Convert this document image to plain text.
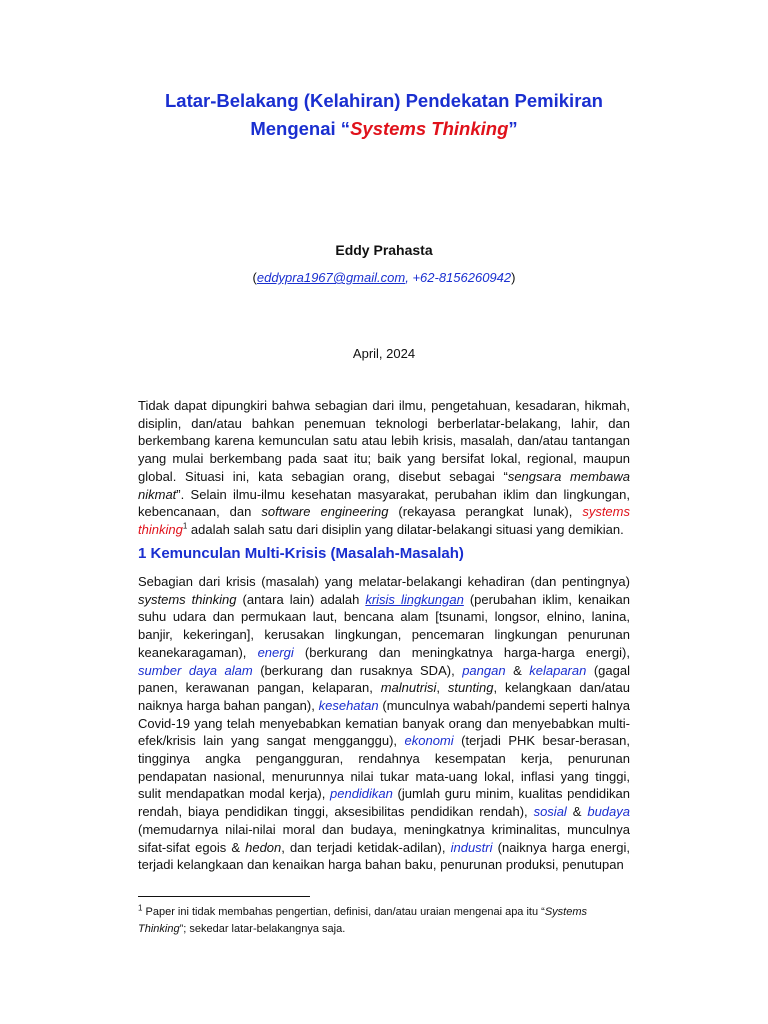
Latar-Belakang (Kelahiran) Pendekatan Pemikiran
Mengenai “Systems Thinking”
Eddy Prahasta
(eddypra1967@gmail.com, +62-8156260942)
April, 2024

Tidak dapat dipungkiri bahwa sebagian dari ilmu, pengetahuan, kesadaran, hikmah, disiplin, dan/atau bahkan penemuan teknologi berberlatar-belakang, lahir, dan berkembang karena kemunculan satu atau lebih krisis, masalah, dan/atau tantangan yang mulai berkembang pada saat itu; baik yang bersifat lokal, regional, maupun global. Situasi ini, kata sebagian orang, disebut sebagai “sengsara membawa nikmat”. Selain ilmu-ilmu kesehatan masyarakat, perubahan iklim dan lingkungan, kebencanaan, dan software engineering (rekayasa perangkat lunak), systems thinking$^1$ adalah salah satu dari disiplin yang dilatar-belakangi situasi yang demikian.

1 Kemunculan Multi-Krisis (Masalah-Masalah)

Sebagian dari krisis (masalah) yang melatar-belakangi kehadiran (dan pentingnya) systems thinking (antara lain) adalah krisis lingkungan (perubahan iklim, kenaikan suhu udara dan permukaan laut, bencana alam [tsunami, longsor, elnino, lanina, banjir, kekeringan], kerusakan lingkungan, pencemaran lingkungan penurunan keanekaragaman), energi (berkurang dan meningkatnya harga-harga energi), sumber daya alam (berkurang dan rusaknya SDA), pangan & kelaparan (gagal panen, kerawanan pangan, kelaparan, malnutrisi, stunting, kelangkaan dan/atau naiknya harga bahan pangan), kesehatan (munculnya wabah/pandemi seperti halnya Covid-19 yang telah menyebabkan kematian banyak orang dan menyebabkan multi-efek/krisis lain yang sangat mengganggu), ekonomi (terjadi PHK besar-berasan, tingginya angka pengangguran, rendahnya kesempatan kerja, penurunan pendapatan nasional, menurunnya nilai tukar mata-uang lokal, inflasi yang tinggi, sulit mendapatkan modal kerja), pendidikan (jumlah guru minim, kualitas pendidikan rendah, biaya pendidikan tinggi, aksesibilitas pendidikan rendah), sosial & budaya (memudarnya nilai-nilai moral dan budaya, meningkatnya kriminalitas, munculnya sifat-sifat egois & hedon, dan terjadi ketidak-adilan), industri (naiknya harga energi, terjadi kelangkaan dan kenaikan harga bahan baku, penurunan produksi, penutupan

$^1$ Paper ini tidak membahas pengertian, definisi, dan/atau uraian mengenai apa itu “Systems Thinking”; sekedar latar-belakangnya saja.
